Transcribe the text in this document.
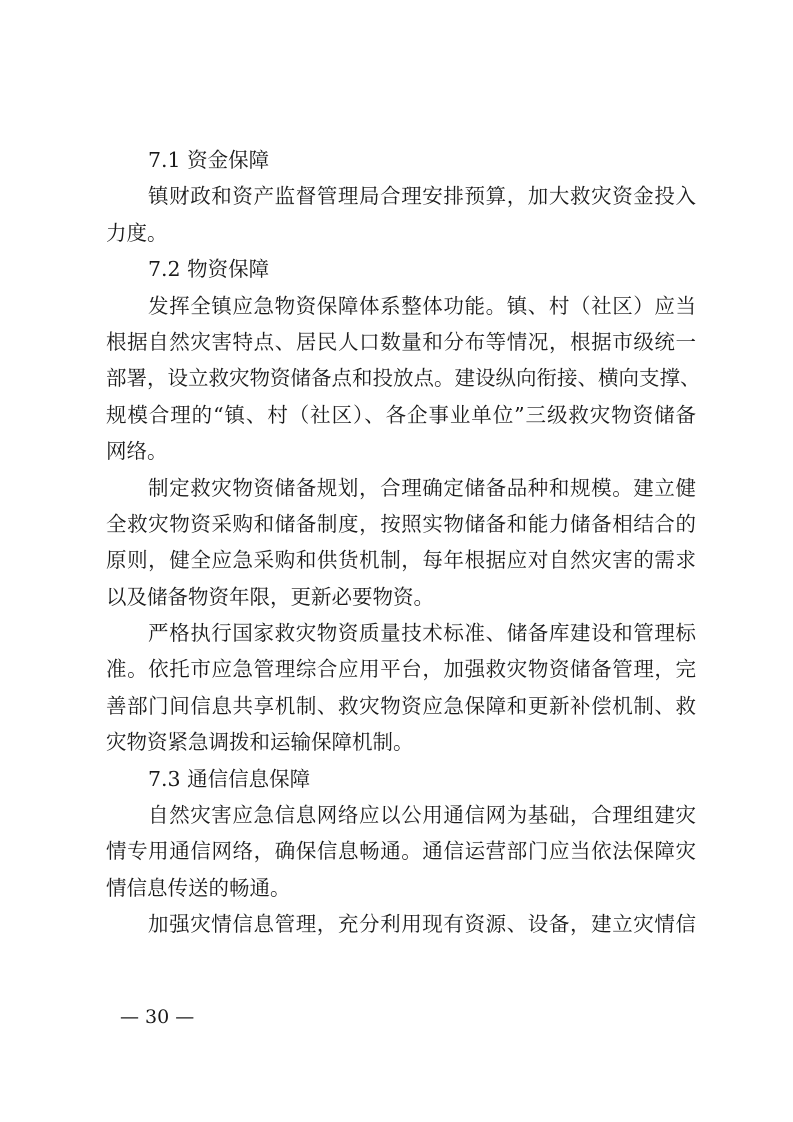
7.1 资金保障
镇财政和资产监督管理局合理安排预算，加大救灾资金投入
力度。
7.2 物资保障
发挥全镇应急物资保障体系整体功能。镇、村（社区）应当
根据自然灾害特点、居民人口数量和分布等情况，根据市级统一
部署，设立救灾物资储备点和投放点。建设纵向衔接、横向支撑、
规模合理的“镇、村（社区）、各企事业单位”三级救灾物资储备
网络。
制定救灾物资储备规划，合理确定储备品种和规模。建立健
全救灾物资采购和储备制度，按照实物储备和能力储备相结合的
原则，健全应急采购和供货机制，每年根据应对自然灾害的需求
以及储备物资年限，更新必要物资。
严格执行国家救灾物资质量技术标准、储备库建设和管理标
准。依托市应急管理综合应用平台，加强救灾物资储备管理，完
善部门间信息共享机制、救灾物资应急保障和更新补偿机制、救
灾物资紧急调拨和运输保障机制。
7.3 通信信息保障
自然灾害应急信息网络应以公用通信网为基础，合理组建灾
情专用通信网络，确保信息畅通。通信运营部门应当依法保障灾
情信息传送的畅通。
加强灾情信息管理，充分利用现有资源、设备，建立灾情信
— 30 —
